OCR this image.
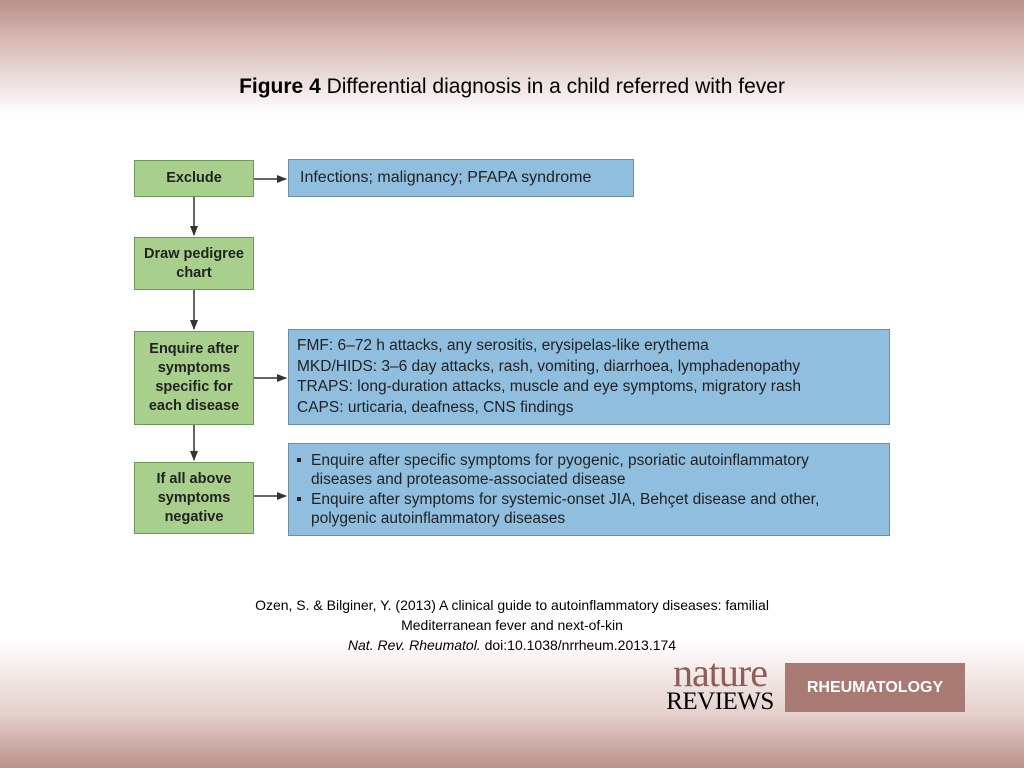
Figure 4 Differential diagnosis in a child referred with fever
Exclude	Infections; malignancy; PFAPA syndrome
Draw pedigree chart
Enquire after symptoms specific for each disease
FMF: 6–72 h attacks, any serositis, erysipelas-like erythema
MKD/HIDS: 3–6 day attacks, rash, vomiting, diarrhoea, lymphadenopathy
TRAPS: long-duration attacks, muscle and eye symptoms, migratory rash
CAPS: urticaria, deafness, CNS findings
If all above symptoms negative
Enquire after specific symptoms for pyogenic, psoriatic autoinflammatory diseases and proteasome-associated disease
Enquire after symptoms for systemic-onset JIA, Behçet disease and other, polygenic autoinflammatory diseases
Ozen, S. & Bilginer, Y. (2013) A clinical guide to autoinflammatory diseases: familial
Mediterranean fever and next-of-kin
Nat. Rev. Rheumatol. doi:10.1038/nrrheum.2013.174
nature
REVIEWS
RHEUMATOLOGY
